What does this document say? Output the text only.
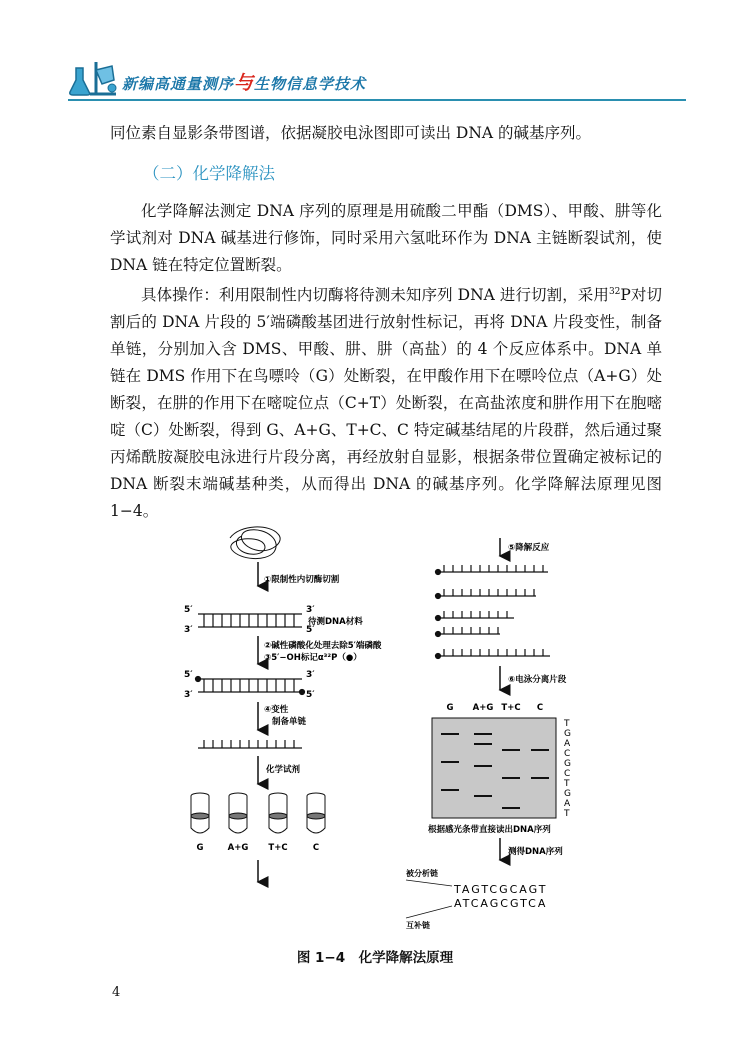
新编高通量测序与生物信息学技术

同位素自显影条带图谱，依据凝胶电泳图即可读出 DNA 的碱基序列。

（二）化学降解法

化学降解法测定 DNA 序列的原理是用硫酸二甲酯（DMS）、甲酸、肼等化学试剂对 DNA 碱基进行修饰，同时采用六氢吡环作为 DNA 主链断裂试剂，使 DNA 链在特定位置断裂。

具体操作：利用限制性内切酶将待测未知序列 DNA 进行切割，采用$^{32}$P对切割后的 DNA 片段的 5′端磷酸基团进行放射性标记，再将 DNA 片段变性，制备单链，分别加入含 DMS、甲酸、肼、肼（高盐）的 4 个反应体系中。DNA 单链在 DMS 作用下在鸟嘌呤（G）处断裂，在甲酸作用下在嘌呤位点（A+G）处断裂，在肼的作用下在嘧啶位点（C+T）处断裂，在高盐浓度和肼作用下在胞嘧啶（C）处断裂，得到 G、A+G、T+C、C 特定碱基结尾的片段群，然后通过聚丙烯酰胺凝胶电泳进行片段分离，再经放射自显影，根据条带位置确定被标记的 DNA 断裂末端碱基种类，从而得出 DNA 的碱基序列。化学降解法原理见图 1−4。

①限制性内切酶切割
5′	3′
3′	5′
待测DNA材料
②碱性磷酸化处理去除5′端磷酸
③5′−OH标记α³²P（●）
5′	3′
3′	5′
④变性
制备单链
化学试剂
G	A+G T+C	C
⑤降解反应
⑥电泳分离片段
G A+G T+C C
T
G
A
C
G
C
T
G
A
T
根据感光条带直接读出DNA序列
测得DNA序列
被分析链
TAGTCGCAGT
ATCAGCGTCA
互补链
图 1−4　化学降解法原理
4
